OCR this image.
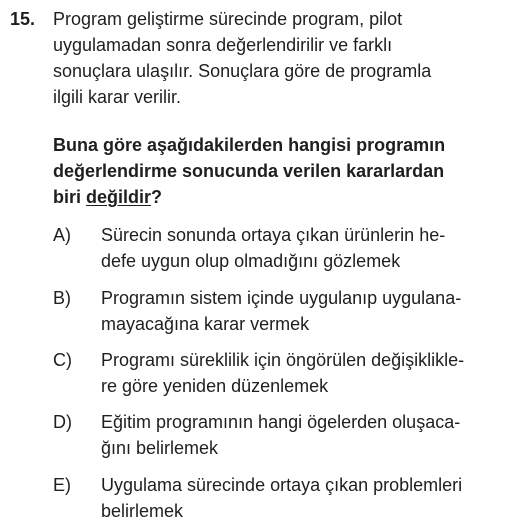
15. Program geliştirme sürecinde program, pilot
uygulamadan sonra değerlendirilir ve farklı
sonuçlara ulaşılır. Sonuçlara göre de programla
ilgili karar verilir.
Buna göre aşağıdakilerden hangisi programın
değerlendirme sonucunda verilen kararlardan
biri değildir?
A)	Sürecin sonunda ortaya çıkan ürünlerin he-
defe uygun olup olmadığını gözlemek
B)	Programın sistem içinde uygulanıp uygulana-
mayacağına karar vermek
C)	Programı süreklilik için öngörülen değişiklikle-
re göre yeniden düzenlemek
D)	Eğitim programının hangi ögelerden oluşaca-
ğını belirlemek
E)	Uygulama sürecinde ortaya çıkan problemleri
belirlemek
